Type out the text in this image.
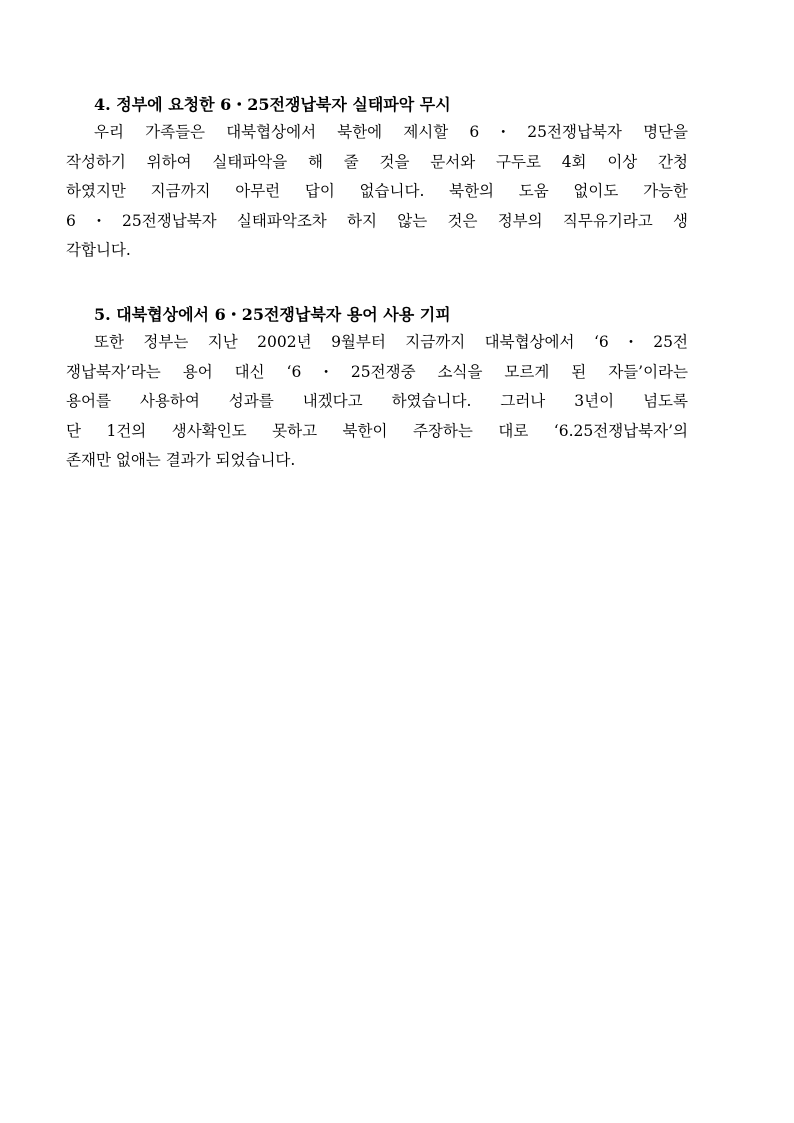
4. 정부에 요청한 6・25전쟁납북자 실태파악 무시

우리 가족들은 대북협상에서 북한에 제시할 6・25전쟁납북자 명단을
작성하기 위하여 실태파악을 해 줄 것을 문서와 구두로 4회 이상 간청
하였지만 지금까지 아무런 답이 없습니다. 북한의 도움 없이도 가능한
6・25전쟁납북자 실태파악조차 하지 않는 것은 정부의 직무유기라고 생
각합니다.

5. 대북협상에서 6・25전쟁납북자 용어 사용 기피

또한 정부는 지난 2002년 9월부터 지금까지 대북협상에서 ‘6・25전
쟁납북자’라는 용어 대신 ‘6・25전쟁중 소식을 모르게 된 자들’이라는
용어를 사용하여 성과를 내겠다고 하였습니다. 그러나 3년이 넘도록
단 1건의 생사확인도 못하고 북한이 주장하는 대로 ‘6.25전쟁납북자’의
존재만 없애는 결과가 되었습니다.
